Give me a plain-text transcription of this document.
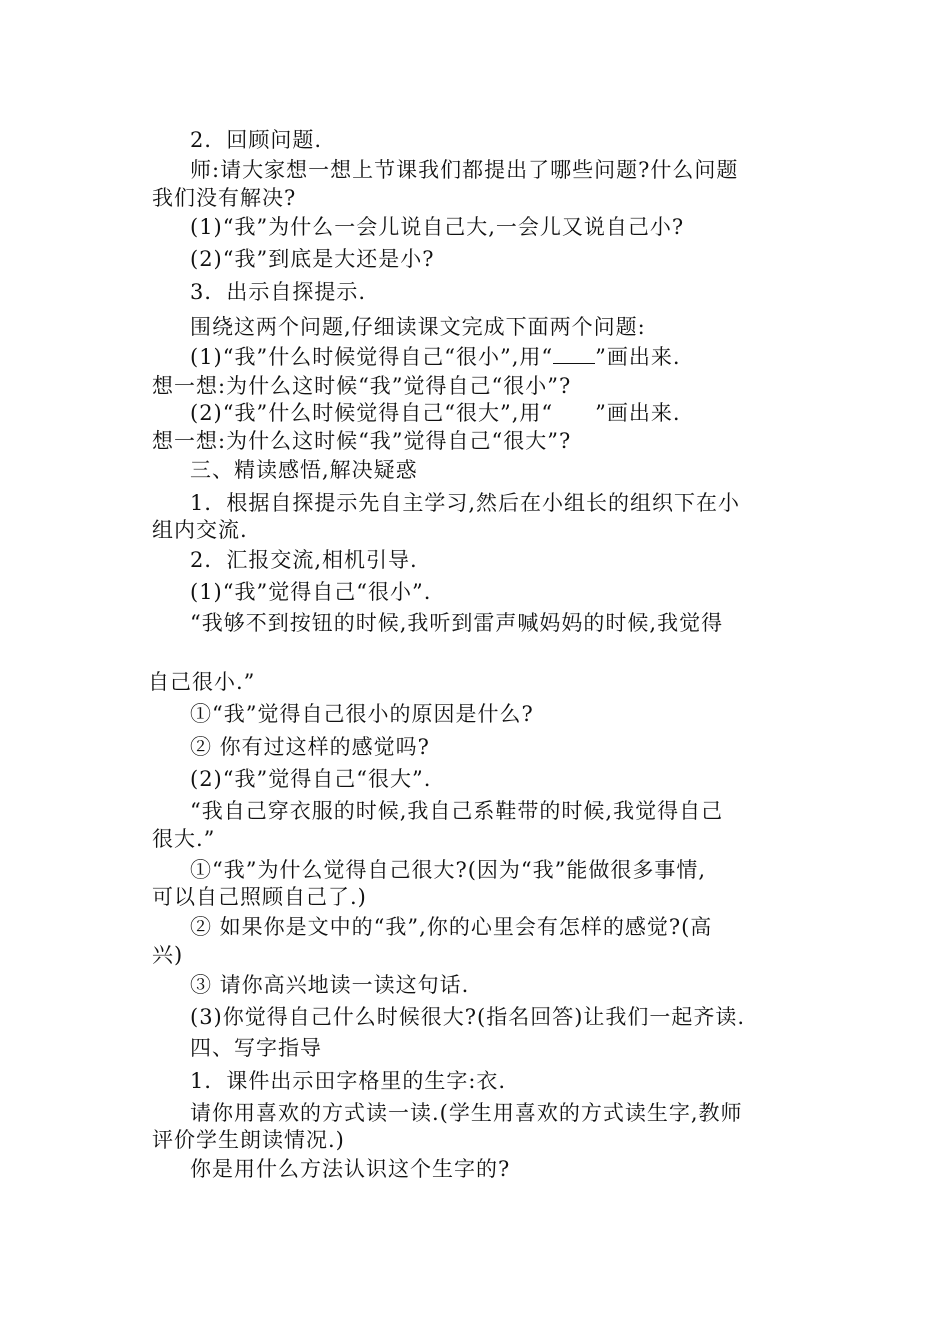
2．回顾问题.
师:请大家想一想上节课我们都提出了哪些问题?什么问题
我们没有解决?
(1)“我”为什么一会儿说自己大,一会儿又说自己小?
(2)“我”到底是大还是小?
3．出示自探提示.
围绕这两个问题,仔细读课文完成下面两个问题:
(1)“我”什么时候觉得自己“很小”,用“ ”画出来.
想一想:为什么这时候“我”觉得自己“很小”?
(2)“我”什么时候觉得自己“很大”,用“ ”画出来.
想一想:为什么这时候“我”觉得自己“很大”?
三、精读感悟,解决疑惑
1．根据自探提示先自主学习,然后在小组长的组织下在小
组内交流.
2．汇报交流,相机引导.
(1)“我”觉得自己“很小”.
“我够不到按钮的时候,我听到雷声喊妈妈的时候,我觉得
自己很小.”
①“我”觉得自己很小的原因是什么?
② 你有过这样的感觉吗?
(2)“我”觉得自己“很大”.
“我自己穿衣服的时候,我自己系鞋带的时候,我觉得自己
很大.”
①“我”为什么觉得自己很大?(因为“我”能做很多事情,
可以自己照顾自己了.)
② 如果你是文中的“我”,你的心里会有怎样的感觉?(高
兴)
③ 请你高兴地读一读这句话.
(3)你觉得自己什么时候很大?(指名回答)让我们一起齐读.
四、写字指导
1．课件出示田字格里的生字:衣.
请你用喜欢的方式读一读.(学生用喜欢的方式读生字,教师
评价学生朗读情况.)
你是用什么方法认识这个生字的?
